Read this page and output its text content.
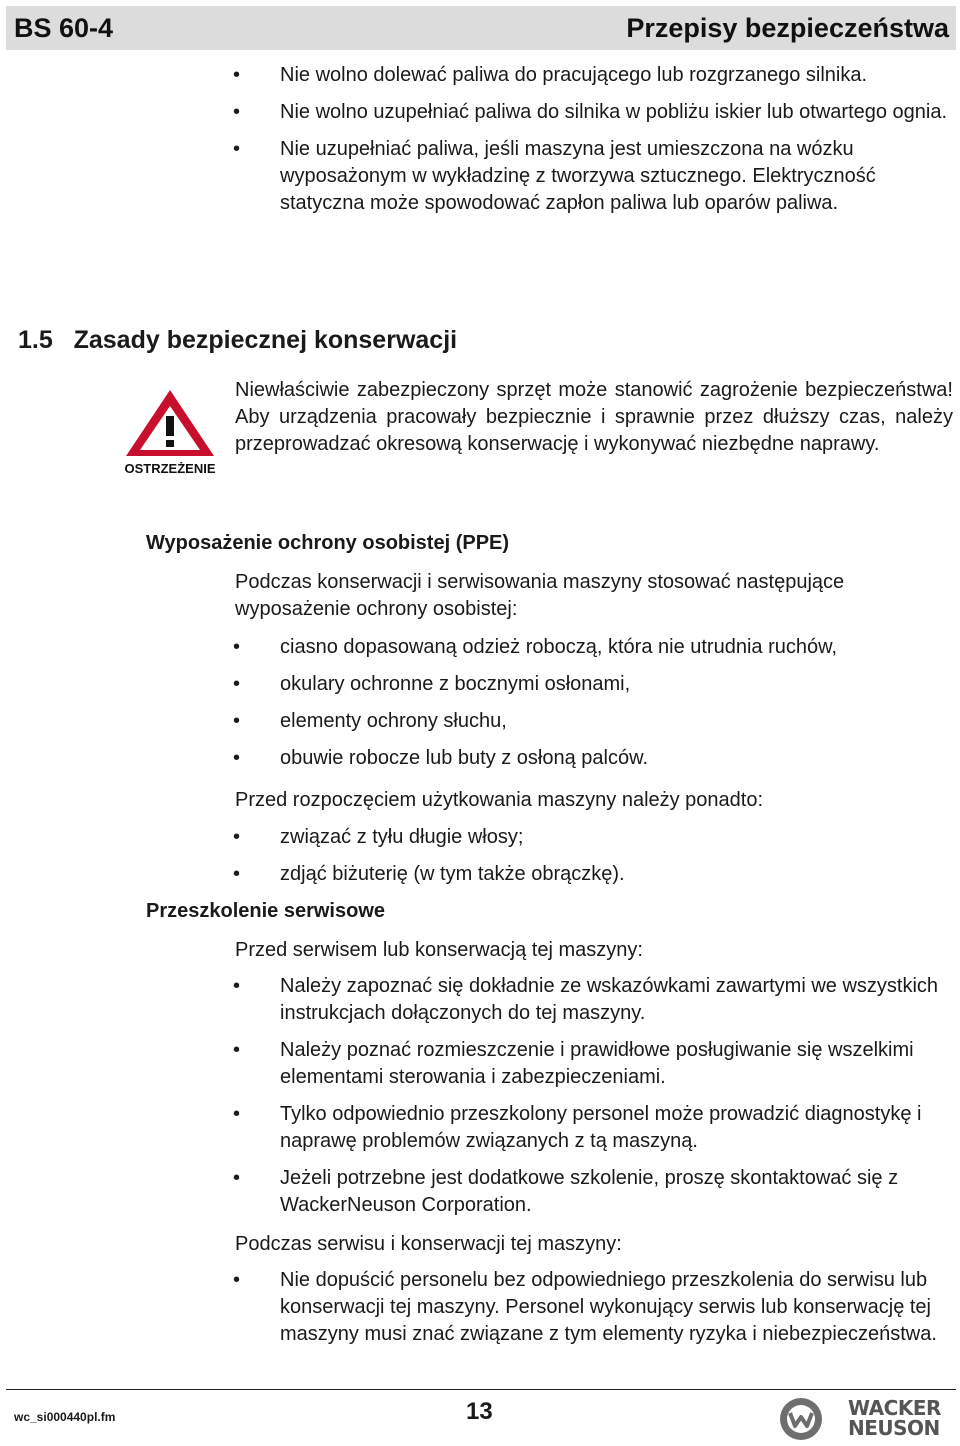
BS 60-4	Przepisy bezpieczeństwa
• Nie wolno dolewać paliwa do pracującego lub rozgrzanego silnika.
• Nie wolno uzupełniać paliwa do silnika w pobliżu iskier lub otwartego ognia.
• Nie uzupełniać paliwa, jeśli maszyna jest umieszczona na wózku wyposażonym w wykładzinę z tworzywa sztucznego. Elektryczność statyczna może spowodować zapłon paliwa lub oparów paliwa.
1.5   Zasady bezpiecznej konserwacji
OSTRZEŻENIE
Niewłaściwie zabezpieczony sprzęt może stanowić zagrożenie bezpieczeństwa! Aby urządzenia pracowały bezpiecznie i sprawnie przez dłuższy czas, należy przeprowadzać okresową konserwację i wykonywać niezbędne naprawy.
Wyposażenie ochrony osobistej (PPE)
Podczas konserwacji i serwisowania maszyny stosować następujące wyposażenie ochrony osobistej:
• ciasno dopasowaną odzież roboczą, która nie utrudnia ruchów,
• okulary ochronne z bocznymi osłonami,
• elementy ochrony słuchu,
• obuwie robocze lub buty z osłoną palców.
Przed rozpoczęciem użytkowania maszyny należy ponadto:
• związać z tyłu długie włosy;
• zdjąć biżuterię (w tym także obrączkę).
Przeszkolenie serwisowe
Przed serwisem lub konserwacją tej maszyny:
• Należy zapoznać się dokładnie ze wskazówkami zawartymi we wszystkich instrukcjach dołączonych do tej maszyny.
• Należy poznać rozmieszczenie i prawidłowe posługiwanie się wszelkimi elementami sterowania i zabezpieczeniami.
• Tylko odpowiednio przeszkolony personel może prowadzić diagnostykę i naprawę problemów związanych z tą maszyną.
• Jeżeli potrzebne jest dodatkowe szkolenie, proszę skontaktować się z WackerNeuson Corporation.
Podczas serwisu i konserwacji tej maszyny:
• Nie dopuścić personelu bez odpowiedniego przeszkolenia do serwisu lub konserwacji tej maszyny. Personel wykonujący serwis lub konserwację tej maszyny musi znać związane z tym elementy ryzyka i niebezpieczeństwa.
wc_si000440pl.fm	13	WACKER
NEUSON
